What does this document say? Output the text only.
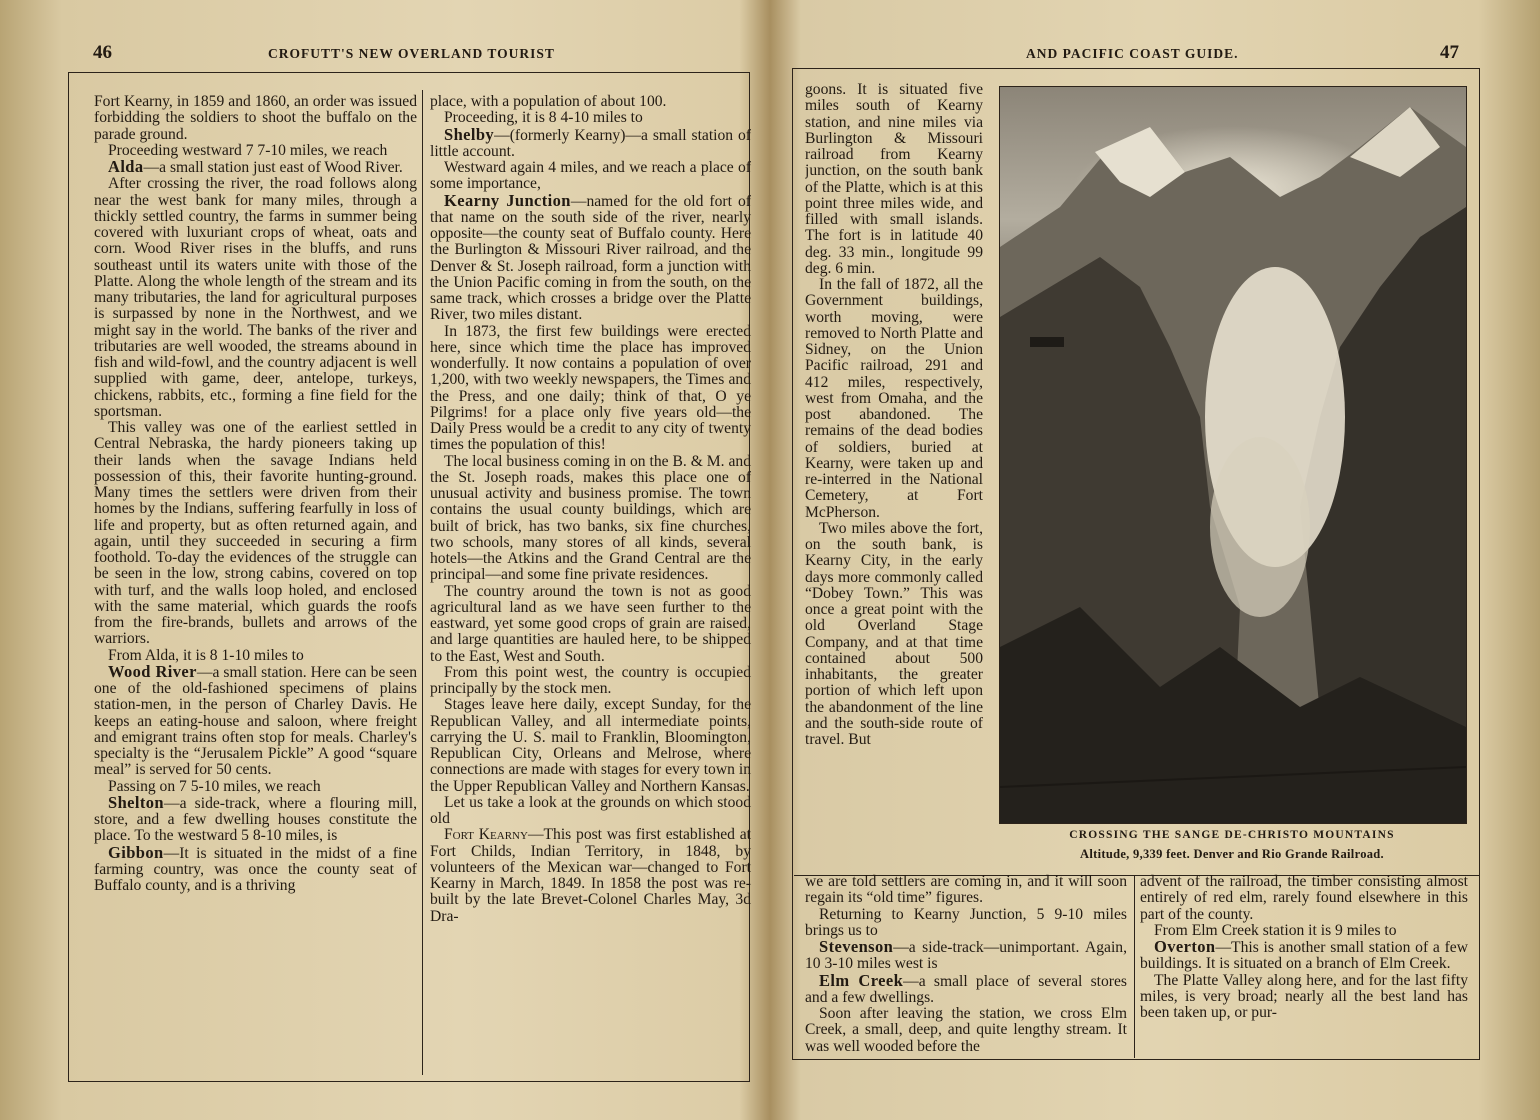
46	CROFUTT'S NEW OVERLAND TOURIST

Fort Kearny, in 1859 and 1860, an order was issued forbidding the soldiers to shoot the buffalo on the parade ground.

Proceeding westward 7 7-10 miles, we reach

Alda—a small station just east of Wood River.

After crossing the river, the road follows along near the west bank for many miles, through a thickly settled country, the farms in summer being covered with luxuriant crops of wheat, oats and corn. Wood River rises in the bluffs, and runs southeast until its waters unite with those of the Platte. Along the whole length of the stream and its many tributaries, the land for agricultural purposes is surpassed by none in the Northwest, and we might say in the world. The banks of the river and tributaries are well wooded, the streams abound in fish and wild-fowl, and the country adjacent is well supplied with game, deer, antelope, turkeys, chickens, rabbits, etc., forming a fine field for the sportsman.

This valley was one of the earliest settled in Central Nebraska, the hardy pioneers taking up their lands when the savage Indians held possession of this, their favorite hunting-ground. Many times the settlers were driven from their homes by the Indians, suffering fearfully in loss of life and property, but as often returned again, and again, until they succeeded in securing a firm foothold. To-day the evidences of the struggle can be seen in the low, strong cabins, covered on top with turf, and the walls loop holed, and enclosed with the same material, which guards the roofs from the fire-brands, bullets and arrows of the warriors.

From Alda, it is 8 1-10 miles to

Wood River—a small station. Here can be seen one of the old-fashioned specimens of plains station-men, in the person of Charley Davis. He keeps an eating-house and saloon, where freight and emigrant trains often stop for meals. Charley's specialty is the “Jerusalem Pickle” A good “square meal” is served for 50 cents.

Passing on 7 5-10 miles, we reach

Shelton—a side-track, where a flouring mill, store, and a few dwelling houses constitute the place. To the westward 5 8-10 miles, is

Gibbon—It is situated in the midst of a fine farming country, was once the county seat of Buffalo county, and is a thriving

place, with a population of about 100.

Proceeding, it is 8 4-10 miles to

Shelby—(formerly Kearny)—a small station of little account.

Westward again 4 miles, and we reach a place of some importance,

Kearny Junction—named for the old fort of that name on the south side of the river, nearly opposite—the county seat of Buffalo county. Here the Burlington & Missouri River railroad, and the Denver & St. Joseph railroad, form a junction with the Union Pacific coming in from the south, on the same track, which crosses a bridge over the Platte River, two miles distant.

In 1873, the first few buildings were erected here, since which time the place has improved wonderfully. It now contains a population of over 1,200, with two weekly newspapers, the Times and the Press, and one daily; think of that, O ye Pilgrims! for a place only five years old—the Daily Press would be a credit to any city of twenty times the population of this!

The local business coming in on the B. & M. and the St. Joseph roads, makes this place one of unusual activity and business promise. The town contains the usual county buildings, which are built of brick, has two banks, six fine churches, two schools, many stores of all kinds, several hotels—the Atkins and the Grand Central are the principal—and some fine private residences.

The country around the town is not as good agricultural land as we have seen further to the eastward, yet some good crops of grain are raised, and large quantities are hauled here, to be shipped to the East, West and South.

From this point west, the country is occupied principally by the stock men.

Stages leave here daily, except Sunday, for the Republican Valley, and all intermediate points, carrying the U. S. mail to Franklin, Bloomington, Republican City, Orleans and Melrose, where connections are made with stages for every town in the Upper Republican Valley and Northern Kansas.

Let us take a look at the grounds on which stood old

Fort Kearny—This post was first established at Fort Childs, Indian Territory, in 1848, by volunteers of the Mexican war—changed to Fort Kearny in March, 1849. In 1858 the post was re-built by the late Brevet-Colonel Charles May, 3d Dra-

AND PACIFIC COAST GUIDE.	47

goons. It is situated five miles south of Kearny station, and nine miles via Burlington & Missouri railroad from Kearny junction, on the south bank of the Platte, which is at this point three miles wide, and filled with small islands. The fort is in latitude 40 deg. 33 min., longitude 99 deg. 6 min.

In the fall of 1872, all the Government buildings, worth moving, were removed to North Platte and Sidney, on the Union Pacific railroad, 291 and 412 miles, respectively, west from Omaha, and the post abandoned. The remains of the dead bodies of soldiers, buried at Kearny, were taken up and re-interred in the National Cemetery, at Fort McPherson.

Two miles above the fort, on the south bank, is Kearny City, in the early days more commonly called “Dobey Town.” This was once a great point with the old Overland Stage Company, and at that time contained about 500 inhabitants, the greater portion of which left upon the abandonment of the line and the south-side route of travel. But

CROSSING THE SANGE DE-CHRISTO MOUNTAINS
Altitude, 9,339 feet. Denver and Rio Grande Railroad.

we are told settlers are coming in, and it will soon regain its “old time” figures.

Returning to Kearny Junction, 5 9-10 miles brings us to

Stevenson—a side-track—unimportant. Again, 10 3-10 miles west is

Elm Creek—a small place of several stores and a few dwellings.

Soon after leaving the station, we cross Elm Creek, a small, deep, and quite lengthy stream. It was well wooded before the

advent of the railroad, the timber consisting almost entirely of red elm, rarely found elsewhere in this part of the county.

From Elm Creek station it is 9 miles to

Overton—This is another small station of a few buildings. It is situated on a branch of Elm Creek.

The Platte Valley along here, and for the last fifty miles, is very broad; nearly all the best land has been taken up, or pur-
